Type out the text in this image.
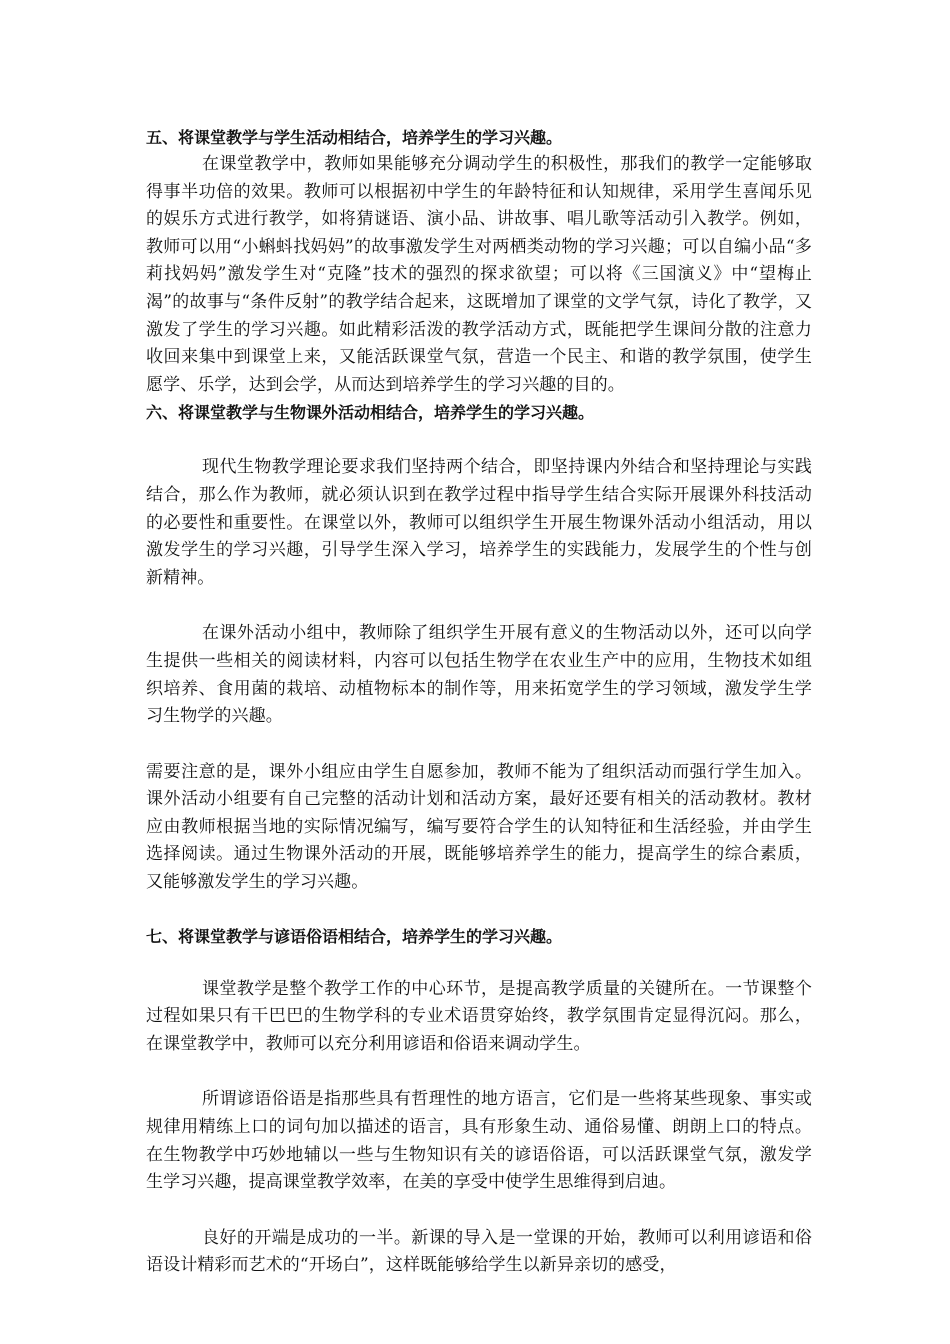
五、将课堂教学与学生活动相结合，培养学生的学习兴趣。

在课堂教学中，教师如果能够充分调动学生的积极性，那我们的教学一定能够取得事半功倍的效果。教师可以根据初中学生的年龄特征和认知规律，采用学生喜闻乐见的娱乐方式进行教学，如将猜谜语、演小品、讲故事、唱儿歌等活动引入教学。例如，教师可以用“小蝌蚪找妈妈”的故事激发学生对两栖类动物的学习兴趣；可以自编小品“多莉找妈妈”激发学生对“克隆”技术的强烈的探求欲望；可以将《三国演义》中“望梅止渴”的故事与“条件反射”的教学结合起来，这既增加了课堂的文学气氛，诗化了教学，又激发了学生的学习兴趣。如此精彩活泼的教学活动方式，既能把学生课间分散的注意力收回来集中到课堂上来，又能活跃课堂气氛，营造一个民主、和谐的教学氛围，使学生愿学、乐学，达到会学，从而达到培养学生的学习兴趣的目的。

六、将课堂教学与生物课外活动相结合，培养学生的学习兴趣。

现代生物教学理论要求我们坚持两个结合，即坚持课内外结合和坚持理论与实践结合，那么作为教师，就必须认识到在教学过程中指导学生结合实际开展课外科技活动的必要性和重要性。在课堂以外，教师可以组织学生开展生物课外活动小组活动，用以激发学生的学习兴趣，引导学生深入学习，培养学生的实践能力，发展学生的个性与创新精神。

在课外活动小组中，教师除了组织学生开展有意义的生物活动以外，还可以向学生提供一些相关的阅读材料，内容可以包括生物学在农业生产中的应用，生物技术如组织培养、食用菌的栽培、动植物标本的制作等，用来拓宽学生的学习领域，激发学生学习生物学的兴趣。

需要注意的是，课外小组应由学生自愿参加，教师不能为了组织活动而强行学生加入。课外活动小组要有自己完整的活动计划和活动方案，最好还要有相关的活动教材。教材应由教师根据当地的实际情况编写，编写要符合学生的认知特征和生活经验，并由学生选择阅读。通过生物课外活动的开展，既能够培养学生的能力，提高学生的综合素质，又能够激发学生的学习兴趣。

七、将课堂教学与谚语俗语相结合，培养学生的学习兴趣。

课堂教学是整个教学工作的中心环节，是提高教学质量的关键所在。一节课整个过程如果只有干巴巴的生物学科的专业术语贯穿始终，教学氛围肯定显得沉闷。那么，在课堂教学中，教师可以充分利用谚语和俗语来调动学生。

所谓谚语俗语是指那些具有哲理性的地方语言，它们是一些将某些现象、事实或规律用精练上口的词句加以描述的语言，具有形象生动、通俗易懂、朗朗上口的特点。在生物教学中巧妙地辅以一些与生物知识有关的谚语俗语，可以活跃课堂气氛，激发学生学习兴趣，提高课堂教学效率，在美的享受中使学生思维得到启迪。

良好的开端是成功的一半。新课的导入是一堂课的开始，教师可以利用谚语和俗语设计精彩而艺术的“开场白”，这样既能够给学生以新异亲切的感受，
